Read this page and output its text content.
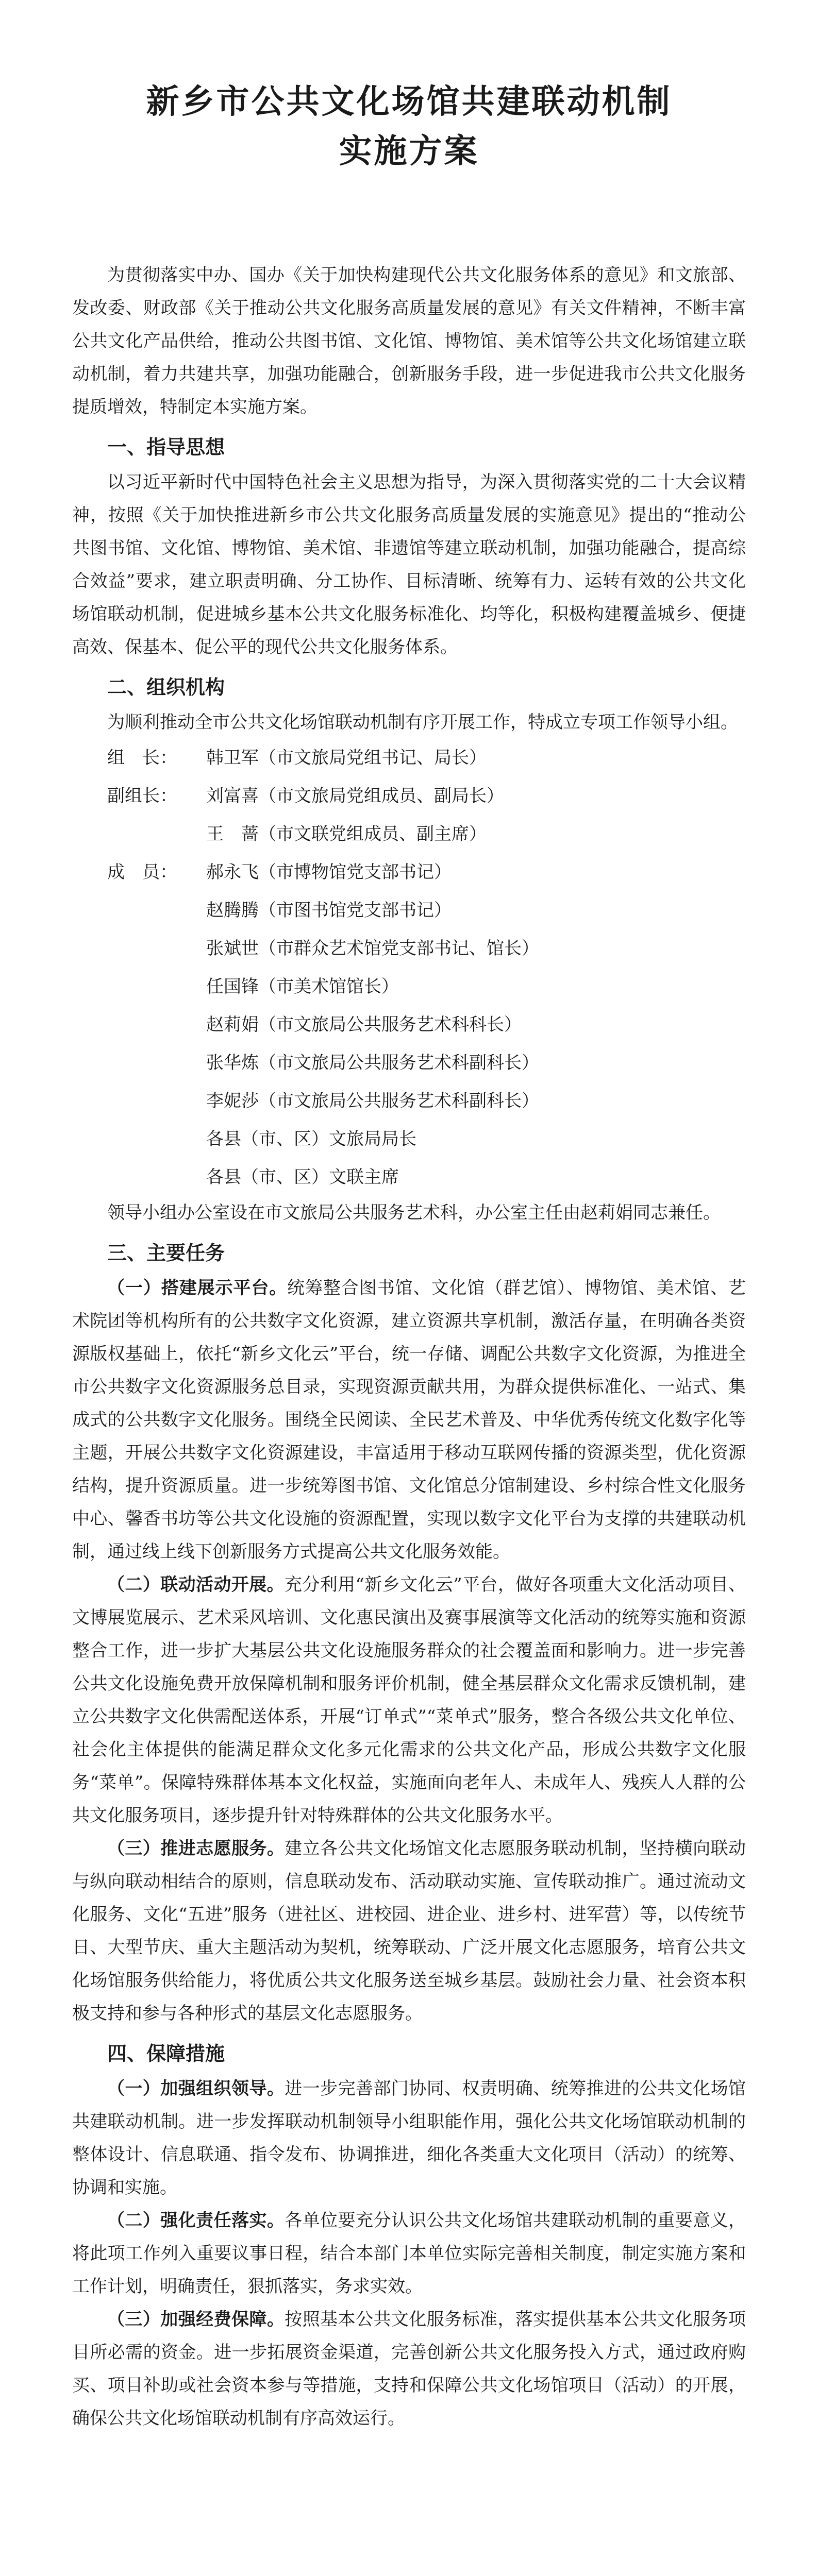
新乡市公共文化场馆共建联动机制
实施方案

为贯彻落实中办、国办《关于加快构建现代公共文化服务体系的意见》和文旅部、发改委、财政部《关于推动公共文化服务高质量发展的意见》有关文件精神，不断丰富公共文化产品供给，推动公共图书馆、文化馆、博物馆、美术馆等公共文化场馆建立联动机制，着力共建共享，加强功能融合，创新服务手段，进一步促进我市公共文化服务提质增效，特制定本实施方案。

一、指导思想

以习近平新时代中国特色社会主义思想为指导，为深入贯彻落实党的二十大会议精神，按照《关于加快推进新乡市公共文化服务高质量发展的实施意见》提出的“推动公共图书馆、文化馆、博物馆、美术馆、非遗馆等建立联动机制，加强功能融合，提高综合效益”要求，建立职责明确、分工协作、目标清晰、统筹有力、运转有效的公共文化场馆联动机制，促进城乡基本公共文化服务标准化、均等化，积极构建覆盖城乡、便捷高效、保基本、促公平的现代公共文化服务体系。

二、组织机构

为顺利推动全市公共文化场馆联动机制有序开展工作，特成立专项工作领导小组。

组　长：	韩卫军（市文旅局党组书记、局长）
副组长：	刘富喜（市文旅局党组成员、副局长）
王　蔷（市文联党组成员、副主席）
成　员：	郝永飞（市博物馆党支部书记）
赵腾腾（市图书馆党支部书记）
张斌世（市群众艺术馆党支部书记、馆长）
任国锋（市美术馆馆长）
赵莉娟（市文旅局公共服务艺术科科长）
张华炼（市文旅局公共服务艺术科副科长）
李妮莎（市文旅局公共服务艺术科副科长）
各县（市、区）文旅局局长
各县（市、区）文联主席

领导小组办公室设在市文旅局公共服务艺术科，办公室主任由赵莉娟同志兼任。

三、主要任务

（一）搭建展示平台。统筹整合图书馆、文化馆（群艺馆）、博物馆、美术馆、艺术院团等机构所有的公共数字文化资源，建立资源共享机制，激活存量，在明确各类资源版权基础上，依托“新乡文化云”平台，统一存储、调配公共数字文化资源，为推进全市公共数字文化资源服务总目录，实现资源贡献共用，为群众提供标准化、一站式、集成式的公共数字文化服务。围绕全民阅读、全民艺术普及、中华优秀传统文化数字化等主题，开展公共数字文化资源建设，丰富适用于移动互联网传播的资源类型，优化资源结构，提升资源质量。进一步统筹图书馆、文化馆总分馆制建设、乡村综合性文化服务中心、馨香书坊等公共文化设施的资源配置，实现以数字文化平台为支撑的共建联动机制，通过线上线下创新服务方式提高公共文化服务效能。

（二）联动活动开展。充分利用“新乡文化云”平台，做好各项重大文化活动项目、文博展览展示、艺术采风培训、文化惠民演出及赛事展演等文化活动的统筹实施和资源整合工作，进一步扩大基层公共文化设施服务群众的社会覆盖面和影响力。进一步完善公共文化设施免费开放保障机制和服务评价机制，健全基层群众文化需求反馈机制，建立公共数字文化供需配送体系，开展“订单式”“菜单式”服务，整合各级公共文化单位、社会化主体提供的能满足群众文化多元化需求的公共文化产品，形成公共数字文化服务“菜单”。保障特殊群体基本文化权益，实施面向老年人、未成年人、残疾人人群的公共文化服务项目，逐步提升针对特殊群体的公共文化服务水平。

（三）推进志愿服务。建立各公共文化场馆文化志愿服务联动机制，坚持横向联动与纵向联动相结合的原则，信息联动发布、活动联动实施、宣传联动推广。通过流动文化服务、文化“五进”服务（进社区、进校园、进企业、进乡村、进军营）等，以传统节日、大型节庆、重大主题活动为契机，统筹联动、广泛开展文化志愿服务，培育公共文化场馆服务供给能力，将优质公共文化服务送至城乡基层。鼓励社会力量、社会资本积极支持和参与各种形式的基层文化志愿服务。

四、保障措施

（一）加强组织领导。进一步完善部门协同、权责明确、统筹推进的公共文化场馆共建联动机制。进一步发挥联动机制领导小组职能作用，强化公共文化场馆联动机制的整体设计、信息联通、指令发布、协调推进，细化各类重大文化项目（活动）的统筹、协调和实施。

（二）强化责任落实。各单位要充分认识公共文化场馆共建联动机制的重要意义，将此项工作列入重要议事日程，结合本部门本单位实际完善相关制度，制定实施方案和工作计划，明确责任，狠抓落实，务求实效。

（三）加强经费保障。按照基本公共文化服务标准，落实提供基本公共文化服务项目所必需的资金。进一步拓展资金渠道，完善创新公共文化服务投入方式，通过政府购买、项目补助或社会资本参与等措施，支持和保障公共文化场馆项目（活动）的开展，确保公共文化场馆联动机制有序高效运行。
